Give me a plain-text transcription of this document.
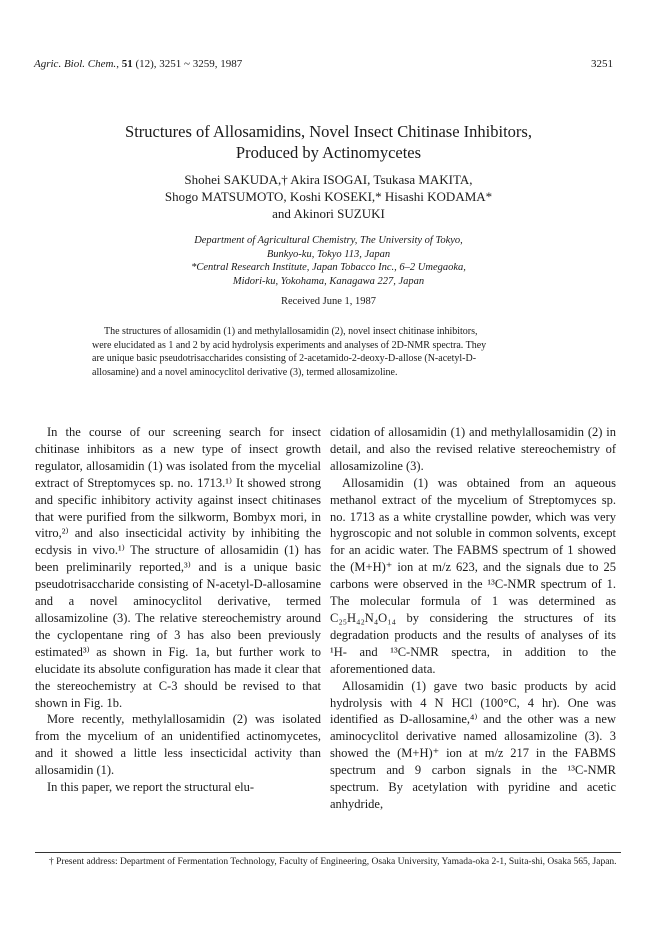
Agric. Biol. Chem., 51 (12), 3251 ~ 3259, 1987	3251
Structures of Allosamidins, Novel Insect Chitinase Inhibitors,
Produced by Actinomycetes
Shohei SAKUDA,† Akira ISOGAI, Tsukasa MAKITA,
Shogo MATSUMOTO, Koshi KOSEKI,* Hisashi KODAMA*
and Akinori SUZUKI
Department of Agricultural Chemistry, The University of Tokyo,
Bunkyo-ku, Tokyo 113, Japan
*Central Research Institute, Japan Tobacco Inc., 6–2 Umegaoka,
Midori-ku, Yokohama, Kanagawa 227, Japan
Received June 1, 1987
The structures of allosamidin (1) and methylallosamidin (2), novel insect chitinase inhibitors,
were elucidated as 1 and 2 by acid hydrolysis experiments and analyses of 2D-NMR spectra. They
are unique basic pseudotrisaccharides consisting of 2-acetamido-2-deoxy-D-allose (N-acetyl-D-
allosamine) and a novel aminocyclitol derivative (3), termed allosamizoline.

In the course of our screening search for insect chitinase inhibitors as a new type of insect growth regulator, allosamidin (1) was isolated from the mycelial extract of Streptomyces sp. no. 1713.¹⁾ It showed strong and specific inhibitory activity against insect chitinases that were purified from the silkworm, Bombyx mori, in vitro,²⁾ and also insecticidal activity by inhibiting the ecdysis in vivo.¹⁾ The structure of allosamidin (1) has been preliminarily reported,³⁾ and is a unique basic pseudotrisaccharide consisting of N-acetyl-D-allosamine and a novel aminocyclitol derivative, termed allosamizoline (3). The relative stereochemistry around the cyclopentane ring of 3 has also been previously estimated³⁾ as shown in Fig. 1a, but further work to elucidate its absolute configuration has made it clear that the stereochemistry at C-3 should be revised to that shown in Fig. 1b.

More recently, methylallosamidin (2) was isolated from the mycelium of an unidentified actinomycetes, and it showed a little less insecticidal activity than allosamidin (1).

In this paper, we report the structural elu-

cidation of allosamidin (1) and methylallosamidin (2) in detail, and also the revised relative stereochemistry of allosamizoline (3).

Allosamidin (1) was obtained from an aqueous methanol extract of the mycelium of Streptomyces sp. no. 1713 as a white crystalline powder, which was very hygroscopic and not soluble in common solvents, except for an acidic water. The FABMS spectrum of 1 showed the (M+H)⁺ ion at m/z 623, and the signals due to 25 carbons were observed in the ¹³C-NMR spectrum of 1. The molecular formula of 1 was determined as C₂₅H₄₂N₄O₁₄ by considering the structures of its degradation products and the results of analyses of its ¹H- and ¹³C-NMR spectra, in addition to the aforementioned data.

Allosamidin (1) gave two basic products by acid hydrolysis with 4 N HCl (100°C, 4 hr). One was identified as D-allosamine,⁴⁾ and the other was a new aminocyclitol derivative named allosamizoline (3). 3 showed the (M+H)⁺ ion at m/z 217 in the FABMS spectrum and 9 carbon signals in the ¹³C-NMR spectrum. By acetylation with pyridine and acetic anhydride,

† Present address: Department of Fermentation Technology, Faculty of Engineering, Osaka University, Yamada-oka 2-1, Suita-shi, Osaka 565, Japan.
